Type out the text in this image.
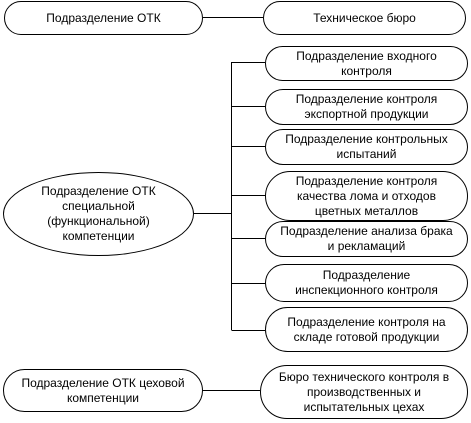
Подразделение ОТК	Техническое бюро
Подразделение ОТК
специальной
(функциональной)
компетенции
Подразделение входного
контроля
Подразделение контроля
экспортной продукции
Подразделение контрольных
испытаний
Подразделение контроля
качества лома и отходов
цветных металлов
Подразделение анализа брака
и рекламаций
Подразделение
инспекционного контроля
Подразделение контроля на
складе готовой продукции
Подразделение ОТК цеховой
компетенции
Бюро технического контроля в
производственных и
испытательных цехах
